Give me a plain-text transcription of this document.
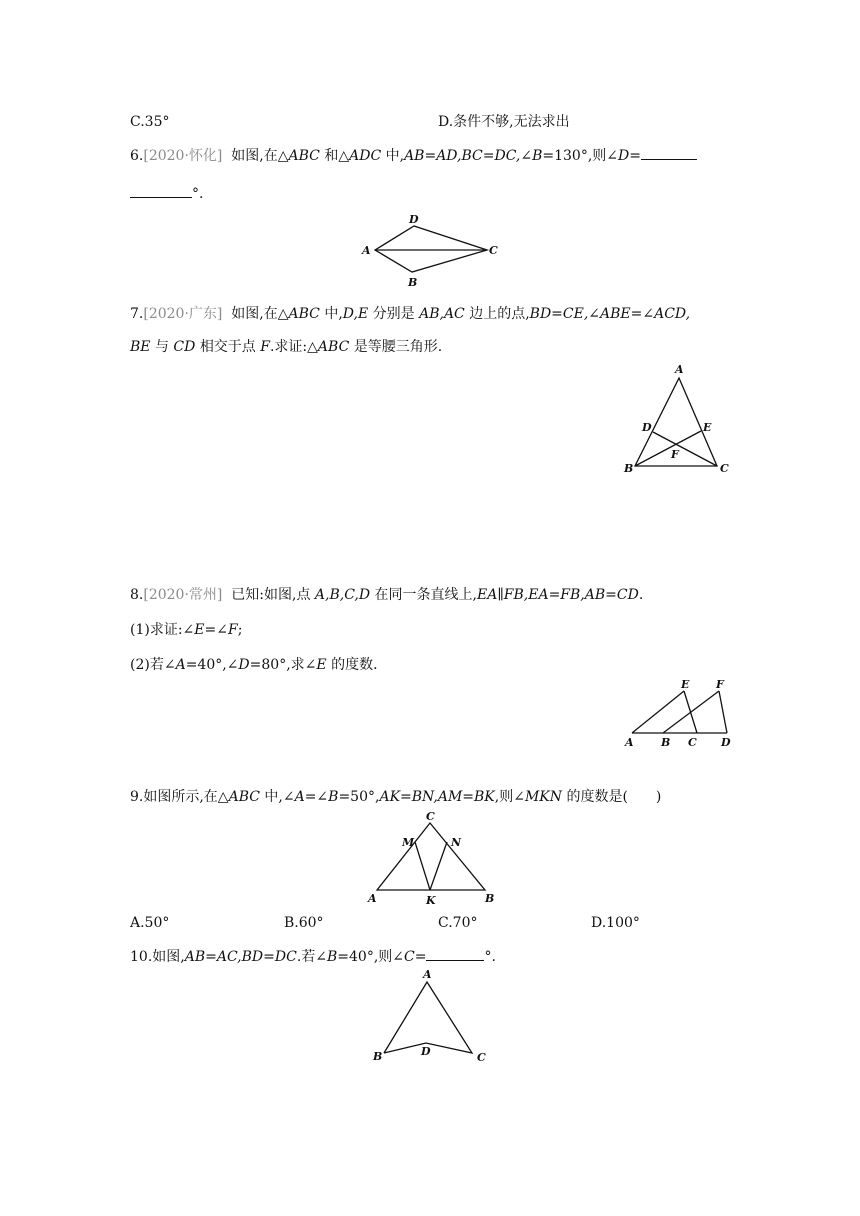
C.35°	D.条件不够,无法求出
6.[2020·怀化] 如图,在△ABC 和△ADC 中,AB=AD,BC=DC,∠B=130°,则∠D=
°.
D
A	C
B
7.[2020·广东] 如图,在△ABC 中,D,E 分别是 AB,AC 边上的点,BD=CE,∠ABE=∠ACD,
BE 与 CD 相交于点 F.求证:△ABC 是等腰三角形.
A
D	E
F
B	C
8.[2020·常州] 已知:如图,点 A,B,C,D 在同一条直线上,EA∥FB,EA=FB,AB=CD.
(1)求证:∠E=∠F;
(2)若∠A=40°,∠D=80°,求∠E 的度数.
E F
A B C D
9.如图所示,在△ABC 中,∠A=∠B=50°,AK=BN,AM=BK,则∠MKN 的度数是(　　)
C
M	N
A	K	B
A.50°	B.60°	C.70°	D.100°
10.如图,AB=AC,BD=DC.若∠B=40°,则∠C=	°.
A
B	D	C
